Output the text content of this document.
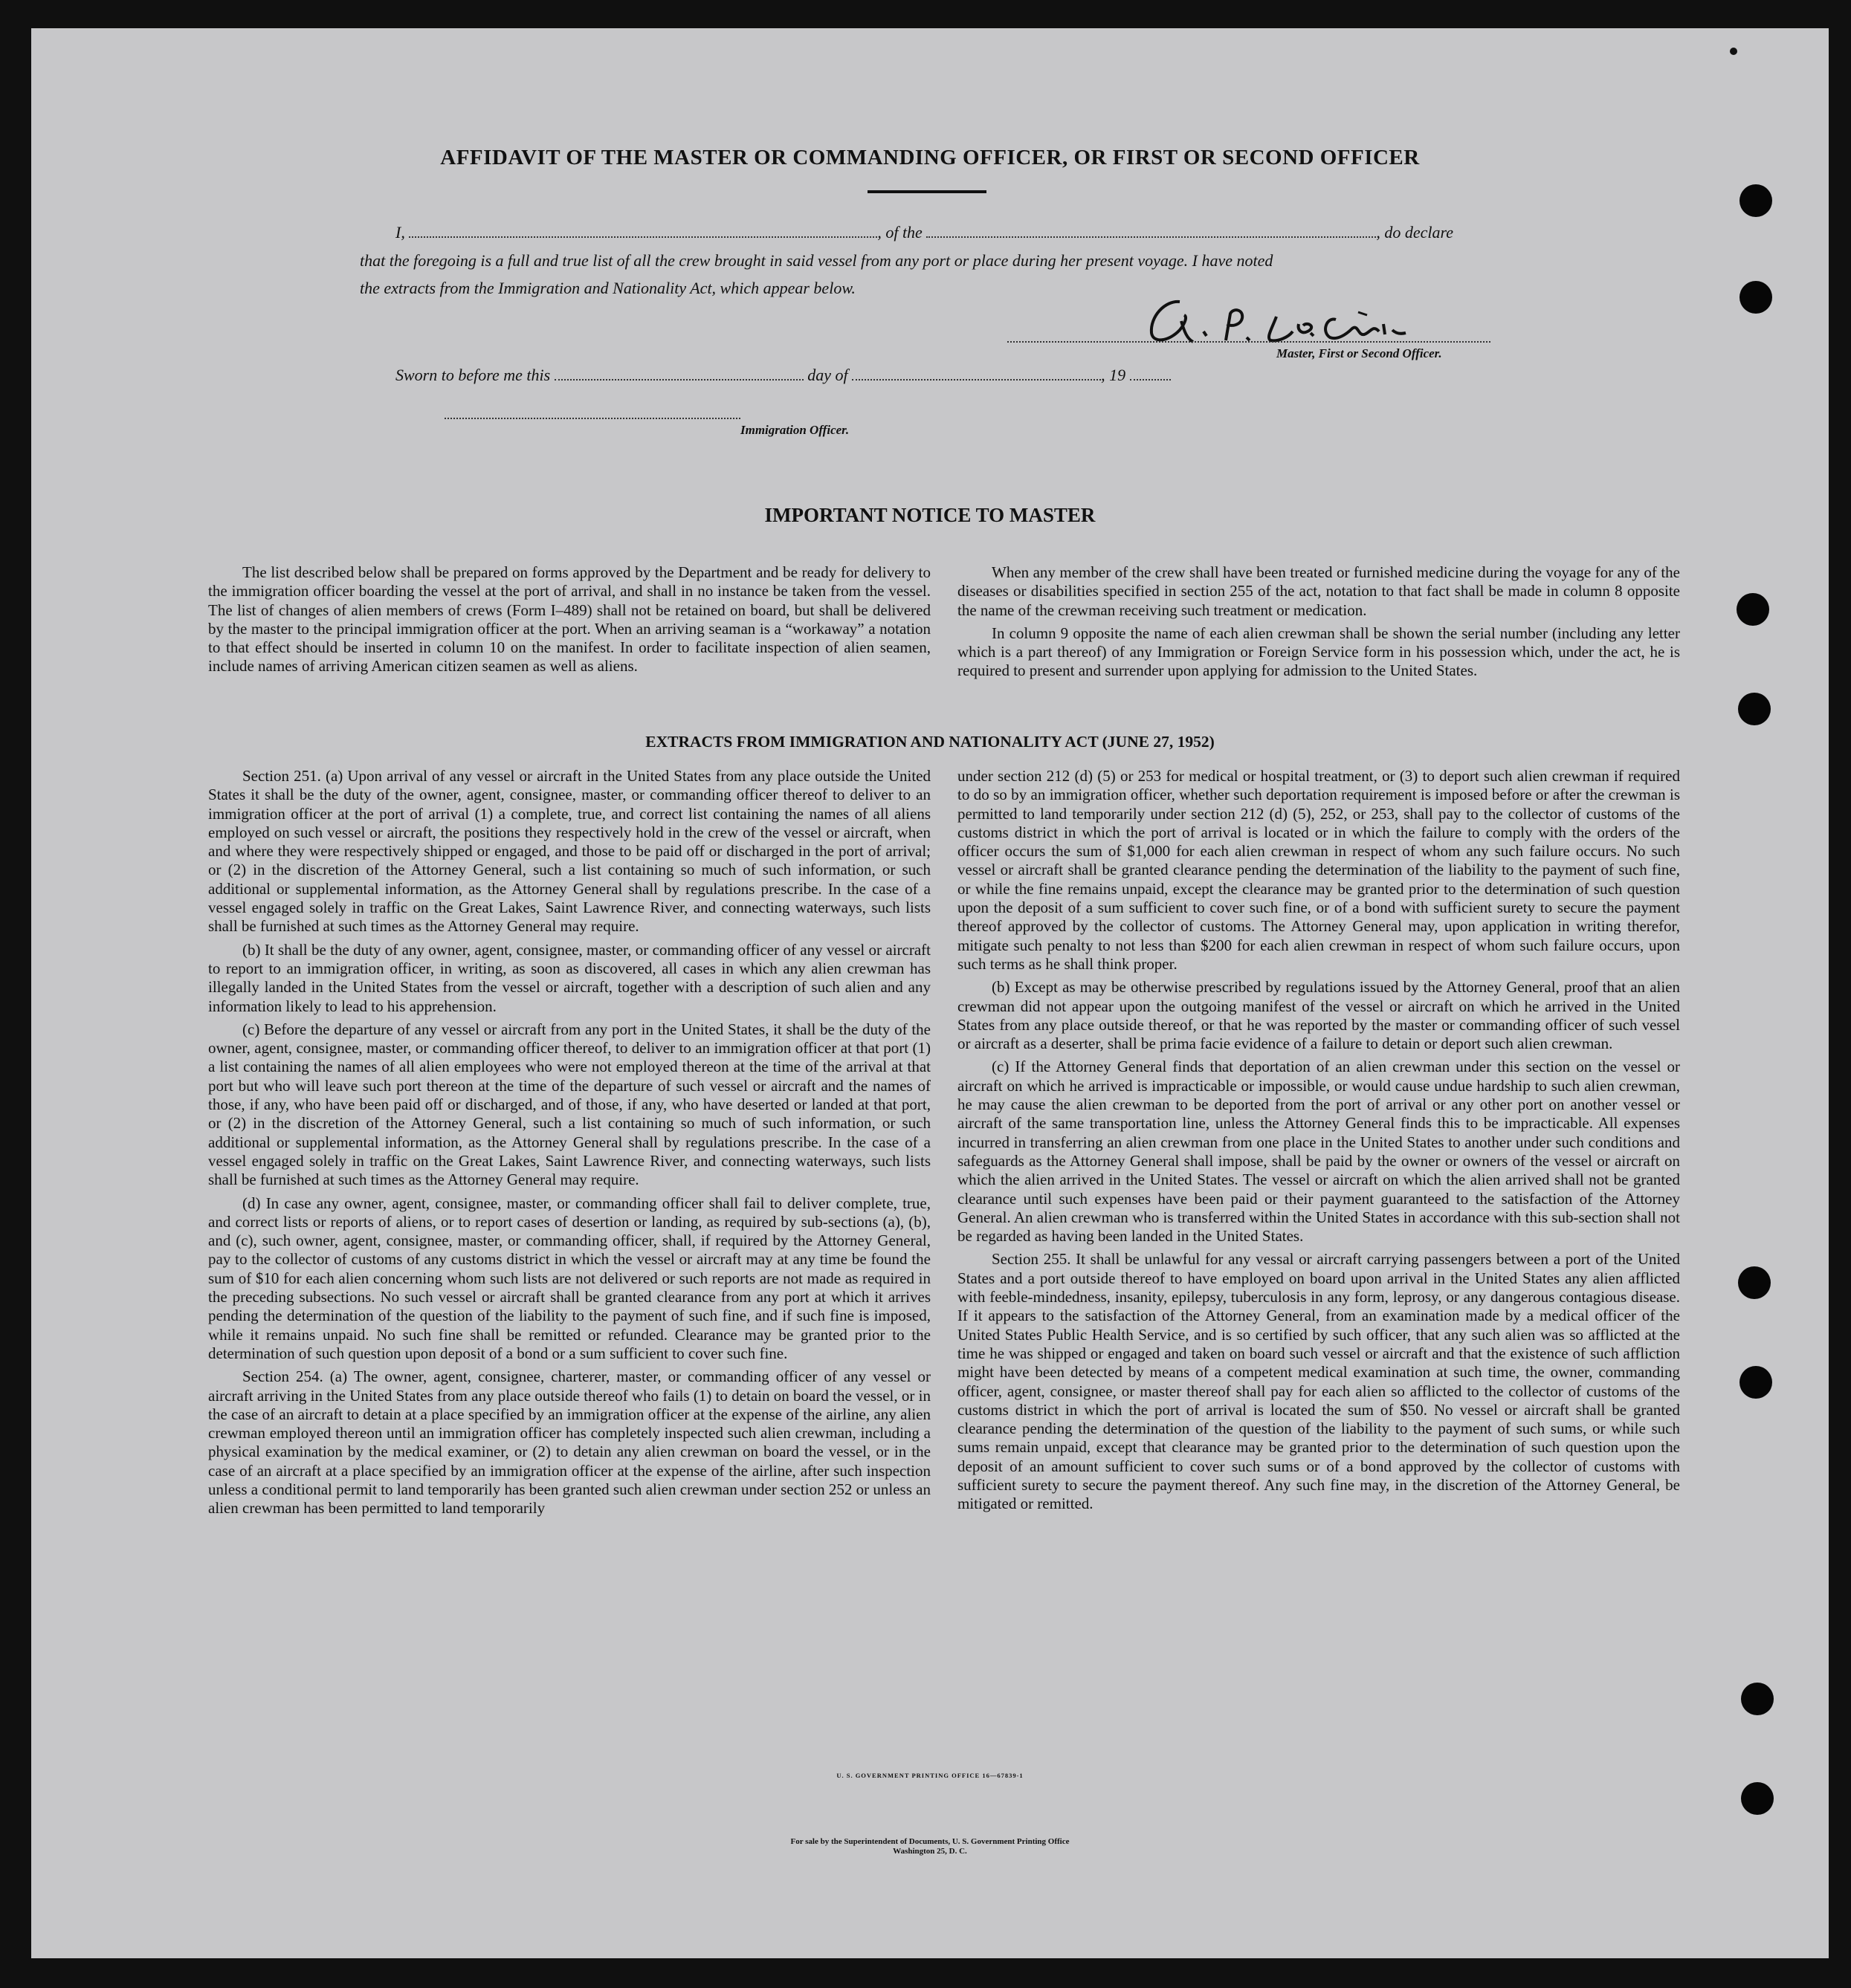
AFFIDAVIT OF THE MASTER OR COMMANDING OFFICER, OR FIRST OR SECOND OFFICER
I,	, of the	, do declare
that the foregoing is a full and true list of all the crew brought in said vessel from any port or place during her present voyage. I have noted
the extracts from the Immigration and Nationality Act, which appear below.
Master, First or Second Officer.
Sworn to before me this	day of	, 19
Immigration Officer.
IMPORTANT NOTICE TO MASTER

The list described below shall be prepared on forms approved by the Department and be ready for delivery to the immigration officer boarding the vessel at the port of arrival, and shall in no instance be taken from the vessel. The list of changes of alien members of crews (Form I–489) shall not be retained on board, but shall be delivered by the master to the principal immigration officer at the port. When an arriving seaman is a “workaway” a notation to that effect should be inserted in column 10 on the manifest. In order to facilitate inspection of alien seamen, include names of arriving American citizen seamen as well as aliens.

When any member of the crew shall have been treated or furnished medicine during the voyage for any of the diseases or disabilities specified in section 255 of the act, notation to that fact shall be made in column 8 opposite the name of the crewman receiving such treatment or medication.

In column 9 opposite the name of each alien crewman shall be shown the serial number (including any letter which is a part thereof) of any Immigration or Foreign Service form in his possession which, under the act, he is required to present and surrender upon applying for admission to the United States.

EXTRACTS FROM IMMIGRATION AND NATIONALITY ACT (JUNE 27, 1952)

Section 251. (a) Upon arrival of any vessel or aircraft in the United States from any place outside the United States it shall be the duty of the owner, agent, consignee, master, or commanding officer thereof to deliver to an immigration officer at the port of arrival (1) a complete, true, and correct list containing the names of all aliens employed on such vessel or aircraft, the positions they respectively hold in the crew of the vessel or aircraft, when and where they were respectively shipped or engaged, and those to be paid off or discharged in the port of arrival; or (2) in the discretion of the Attorney General, such a list containing so much of such information, or such additional or supplemental information, as the Attorney General shall by regulations prescribe. In the case of a vessel engaged solely in traffic on the Great Lakes, Saint Lawrence River, and connecting waterways, such lists shall be furnished at such times as the Attorney General may require.

(b) It shall be the duty of any owner, agent, consignee, master, or commanding officer of any vessel or aircraft to report to an immigration officer, in writing, as soon as discovered, all cases in which any alien crewman has illegally landed in the United States from the vessel or aircraft, together with a description of such alien and any information likely to lead to his apprehension.

(c) Before the departure of any vessel or aircraft from any port in the United States, it shall be the duty of the owner, agent, consignee, master, or commanding officer thereof, to deliver to an immigration officer at that port (1) a list containing the names of all alien employees who were not employed thereon at the time of the arrival at that port but who will leave such port thereon at the time of the departure of such vessel or aircraft and the names of those, if any, who have been paid off or discharged, and of those, if any, who have deserted or landed at that port, or (2) in the discretion of the Attorney General, such a list containing so much of such information, or such additional or supplemental information, as the Attorney General shall by regulations prescribe. In the case of a vessel engaged solely in traffic on the Great Lakes, Saint Lawrence River, and connecting waterways, such lists shall be furnished at such times as the Attorney General may require.

(d) In case any owner, agent, consignee, master, or commanding officer shall fail to deliver complete, true, and correct lists or reports of aliens, or to report cases of desertion or landing, as required by sub-sections (a), (b), and (c), such owner, agent, consignee, master, or commanding officer, shall, if required by the Attorney General, pay to the collector of customs of any customs district in which the vessel or aircraft may at any time be found the sum of $10 for each alien concerning whom such lists are not delivered or such reports are not made as required in the preceding subsections. No such vessel or aircraft shall be granted clearance from any port at which it arrives pending the determination of the question of the liability to the payment of such fine, and if such fine is imposed, while it remains unpaid. No such fine shall be remitted or refunded. Clearance may be granted prior to the determination of such question upon deposit of a bond or a sum sufficient to cover such fine.

Section 254. (a) The owner, agent, consignee, charterer, master, or commanding officer of any vessel or aircraft arriving in the United States from any place outside thereof who fails (1) to detain on board the vessel, or in the case of an aircraft to detain at a place specified by an immigration officer at the expense of the airline, any alien crewman employed thereon until an immigration officer has completely inspected such alien crewman, including a physical examination by the medical examiner, or (2) to detain any alien crewman on board the vessel, or in the case of an aircraft at a place specified by an immigration officer at the expense of the airline, after such inspection unless a conditional permit to land temporarily has been granted such alien crewman under section 252 or unless an alien crewman has been permitted to land temporarily

under section 212 (d) (5) or 253 for medical or hospital treatment, or (3) to deport such alien crewman if required to do so by an immigration officer, whether such deportation requirement is imposed before or after the crewman is permitted to land temporarily under section 212 (d) (5), 252, or 253, shall pay to the collector of customs of the customs district in which the port of arrival is located or in which the failure to comply with the orders of the officer occurs the sum of $1,000 for each alien crewman in respect of whom any such failure occurs. No such vessel or aircraft shall be granted clearance pending the determination of the liability to the payment of such fine, or while the fine remains unpaid, except the clearance may be granted prior to the determination of such question upon the deposit of a sum sufficient to cover such fine, or of a bond with sufficient surety to secure the payment thereof approved by the collector of customs. The Attorney General may, upon application in writing therefor, mitigate such penalty to not less than $200 for each alien crewman in respect of whom such failure occurs, upon such terms as he shall think proper.

(b) Except as may be otherwise prescribed by regulations issued by the Attorney General, proof that an alien crewman did not appear upon the outgoing manifest of the vessel or aircraft on which he arrived in the United States from any place outside thereof, or that he was reported by the master or commanding officer of such vessel or aircraft as a deserter, shall be prima facie evidence of a failure to detain or deport such alien crewman.

(c) If the Attorney General finds that deportation of an alien crewman under this section on the vessel or aircraft on which he arrived is impracticable or impossible, or would cause undue hardship to such alien crewman, he may cause the alien crewman to be deported from the port of arrival or any other port on another vessel or aircraft of the same transportation line, unless the Attorney General finds this to be impracticable. All expenses incurred in transferring an alien crewman from one place in the United States to another under such conditions and safeguards as the Attorney General shall impose, shall be paid by the owner or owners of the vessel or aircraft on which the alien arrived in the United States. The vessel or aircraft on which the alien arrived shall not be granted clearance until such expenses have been paid or their payment guaranteed to the satisfaction of the Attorney General. An alien crewman who is transferred within the United States in accordance with this sub-section shall not be regarded as having been landed in the United States.

Section 255. It shall be unlawful for any vessal or aircraft carrying passengers between a port of the United States and a port outside thereof to have employed on board upon arrival in the United States any alien afflicted with feeble-mindedness, insanity, epilepsy, tuberculosis in any form, leprosy, or any dangerous contagious disease. If it appears to the satisfaction of the Attorney General, from an examination made by a medical officer of the United States Public Health Service, and is so certified by such officer, that any such alien was so afflicted at the time he was shipped or engaged and taken on board such vessel or aircraft and that the existence of such affliction might have been detected by means of a competent medical examination at such time, the owner, commanding officer, agent, consignee, or master thereof shall pay for each alien so afflicted to the collector of customs of the customs district in which the port of arrival is located the sum of $50. No vessel or aircraft shall be granted clearance pending the determination of the question of the liability to the payment of such sums, or while such sums remain unpaid, except that clearance may be granted prior to the determination of such question upon the deposit of an amount sufficient to cover such sums or of a bond approved by the collector of customs with sufficient surety to secure the payment thereof. Any such fine may, in the discretion of the Attorney General, be mitigated or remitted.

U. S. GOVERNMENT PRINTING OFFICE 16—67839-1
For sale by the Superintendent of Documents, U. S. Government Printing Office
Washington 25, D. C.
